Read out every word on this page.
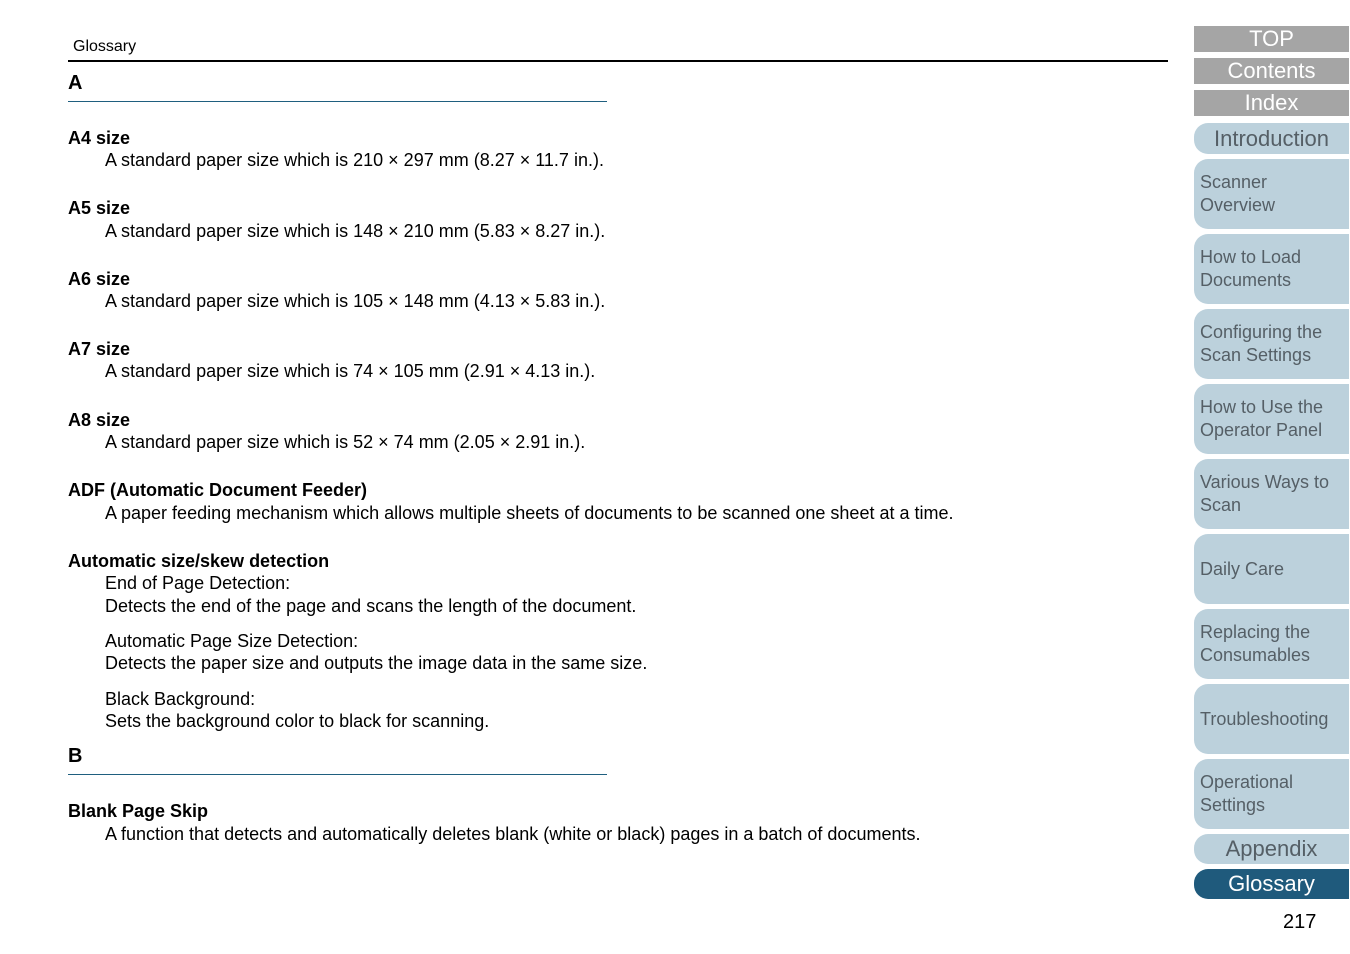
Glossary
A
A4 size
A standard paper size which is 210 × 297 mm (8.27 × 11.7 in.).
A5 size
A standard paper size which is 148 × 210 mm (5.83 × 8.27 in.).
A6 size
A standard paper size which is 105 × 148 mm (4.13 × 5.83 in.).
A7 size
A standard paper size which is 74 × 105 mm (2.91 × 4.13 in.).
A8 size
A standard paper size which is 52 × 74 mm (2.05 × 2.91 in.).
ADF (Automatic Document Feeder)
A paper feeding mechanism which allows multiple sheets of documents to be scanned one sheet at a time.
Automatic size/skew detection
End of Page Detection:
Detects the end of the page and scans the length of the document.
Automatic Page Size Detection:
Detects the paper size and outputs the image data in the same size.
Black Background:
Sets the background color to black for scanning.
B
Blank Page Skip
A function that detects and automatically deletes blank (white or black) pages in a batch of documents.
TOP
Contents
Index
Introduction
Scanner
Overview
How to Load
Documents
Configuring the
Scan Settings
How to Use the
Operator Panel
Various Ways to
Scan
Daily Care
Replacing the
Consumables
Troubleshooting
Operational
Settings
Appendix
Glossary
217
